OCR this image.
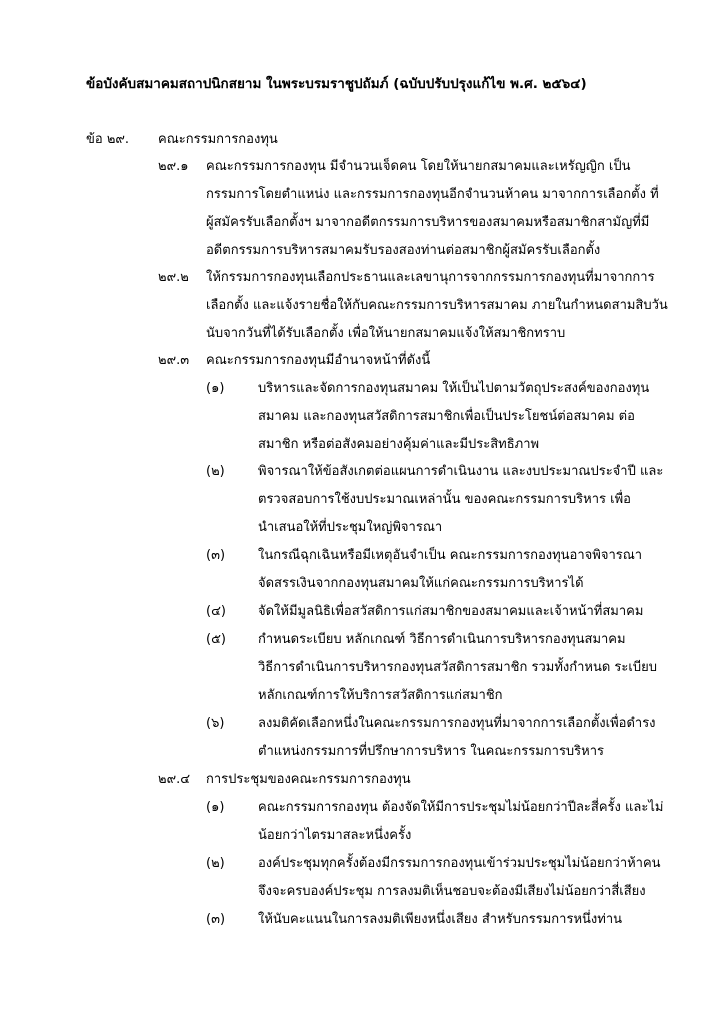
ข้อบังคับสมาคมสถาปนิกสยาม ในพระบรมราชูปถัมภ์ (ฉบับปรับปรุงแก้ไข พ.ศ. ๒๕๖๔)
ข้อ ๒๙. คณะกรรมการกองทุน
๒๙.๑ คณะกรรมการกองทุน มีจำนวนเจ็ดคน โดยให้นายกสมาคมและเหรัญญิก เป็น
กรรมการโดยตำแหน่ง และกรรมการกองทุนอีกจำนวนห้าคน มาจากการเลือกตั้ง ที่
ผู้สมัครรับเลือกตั้งฯ มาจากอดีตกรรมการบริหารของสมาคมหรือสมาชิกสามัญที่มี
อดีตกรรมการบริหารสมาคมรับรองสองท่านต่อสมาชิกผู้สมัครรับเลือกตั้ง
๒๙.๒ ให้กรรมการกองทุนเลือกประธานและเลขานุการจากกรรมการกองทุนที่มาจากการ
เลือกตั้ง และแจ้งรายชื่อให้กับคณะกรรมการบริหารสมาคม ภายในกำหนดสามสิบวัน
นับจากวันที่ได้รับเลือกตั้ง เพื่อให้นายกสมาคมแจ้งให้สมาชิกทราบ
๒๙.๓ คณะกรรมการกองทุนมีอำนาจหน้าที่ดังนี้
(๑)	บริหารและจัดการกองทุนสมาคม ให้เป็นไปตามวัตถุประสงค์ของกองทุน
สมาคม และกองทุนสวัสดิการสมาชิกเพื่อเป็นประโยชน์ต่อสมาคม ต่อ
สมาชิก หรือต่อสังคมอย่างคุ้มค่าและมีประสิทธิภาพ
(๒)	พิจารณาให้ข้อสังเกตต่อแผนการดำเนินงาน และงบประมาณประจำปี และ
ตรวจสอบการใช้งบประมาณเหล่านั้น ของคณะกรรมการบริหาร เพื่อ
นำเสนอให้ที่ประชุมใหญ่พิจารณา
(๓)	ในกรณีฉุกเฉินหรือมีเหตุอันจำเป็น คณะกรรมการกองทุนอาจพิจารณา
จัดสรรเงินจากกองทุนสมาคมให้แก่คณะกรรมการบริหารได้
(๔) จัดให้มีมูลนิธิเพื่อสวัสดิการแก่สมาชิกของสมาคมและเจ้าหน้าที่สมาคม
(๕) กำหนดระเบียบ หลักเกณฑ์ วิธีการดำเนินการบริหารกองทุนสมาคม
วิธีการดำเนินการบริหารกองทุนสวัสดิการสมาชิก รวมทั้งกำหนด ระเบียบ
หลักเกณฑ์การให้บริการสวัสดิการแก่สมาชิก
(๖)	ลงมติคัดเลือกหนึ่งในคณะกรรมการกองทุนที่มาจากการเลือกตั้งเพื่อดำรง
ตำแหน่งกรรมการที่ปรึกษาการบริหาร ในคณะกรรมการบริหาร
๒๙.๔ การประชุมของคณะกรรมการกองทุน
(๑)	คณะกรรมการกองทุน ต้องจัดให้มีการประชุมไม่น้อยกว่าปีละสี่ครั้ง และไม่
น้อยกว่าไตรมาสละหนึ่งครั้ง
(๒)	องค์ประชุมทุกครั้งต้องมีกรรมการกองทุนเข้าร่วมประชุมไม่น้อยกว่าห้าคน
จึงจะครบองค์ประชุม การลงมติเห็นชอบจะต้องมีเสียงไม่น้อยกว่าสี่เสียง
(๓)	ให้นับคะแนนในการลงมติเพียงหนึ่งเสียง สำหรับกรรมการหนึ่งท่าน
